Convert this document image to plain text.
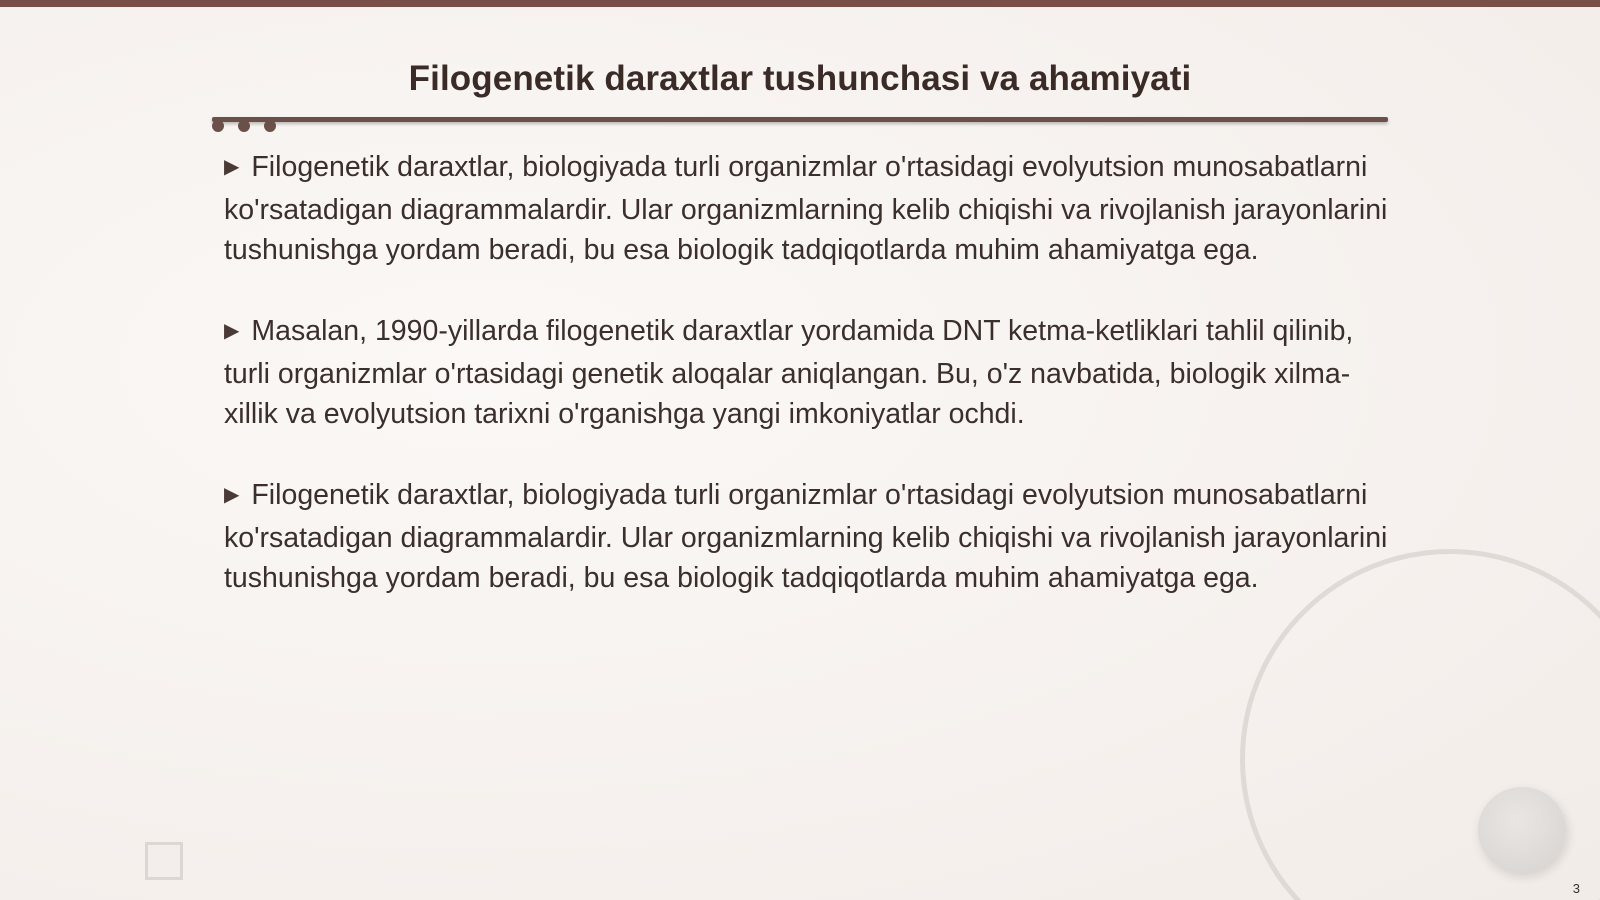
Filogenetik daraxtlar tushunchasi va ahamiyati

▶ Filogenetik daraxtlar, biologiyada turli organizmlar o'rtasidagi evolyutsion munosabatlarni ko'rsatadigan diagrammalardir. Ular organizmlarning kelib chiqishi va rivojlanish jarayonlarini tushunishga yordam beradi, bu esa biologik tadqiqotlarda muhim ahamiyatga ega.

▶ Masalan, 1990-yillarda filogenetik daraxtlar yordamida DNT ketma-ketliklari tahlil qilinib, turli organizmlar o'rtasidagi genetik aloqalar aniqlangan. Bu, o'z navbatida, biologik xilma-xillik va evolyutsion tarixni o'rganishga yangi imkoniyatlar ochdi.

▶ Filogenetik daraxtlar, biologiyada turli organizmlar o'rtasidagi evolyutsion munosabatlarni ko'rsatadigan diagrammalardir. Ular organizmlarning kelib chiqishi va rivojlanish jarayonlarini tushunishga yordam beradi, bu esa biologik tadqiqotlarda muhim ahamiyatga ega.

3
